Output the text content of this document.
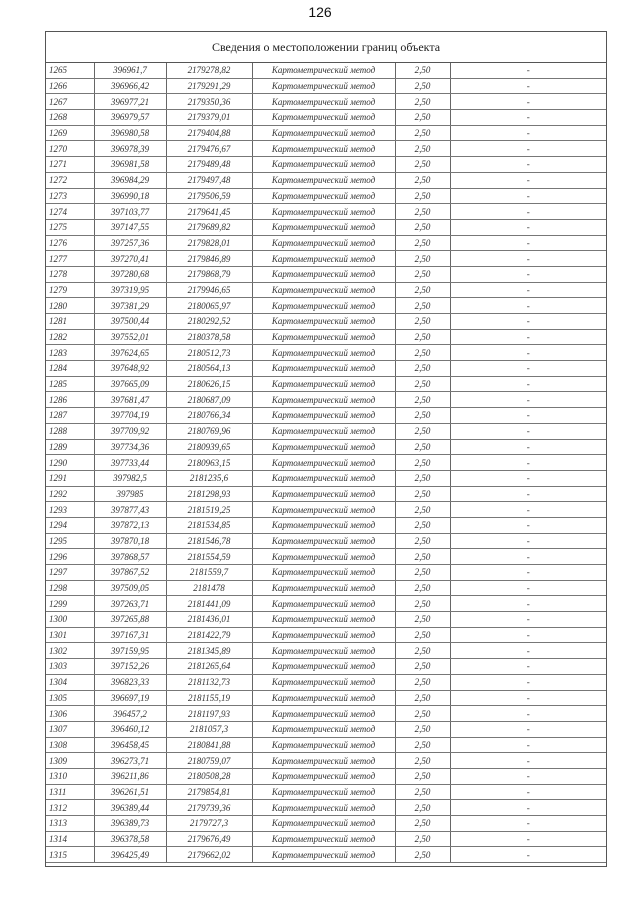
126
Сведения о местоположении границ объекта
1265	396961,7	2179278,82	Картометрический метод	2,50	-
1266	396966,42	2179291,29	Картометрический метод	2,50	-
1267	396977,21	2179350,36	Картометрический метод	2,50	-
1268	396979,57	2179379,01	Картометрический метод	2,50	-
1269	396980,58	2179404,88	Картометрический метод	2,50	-
1270	396978,39	2179476,67	Картометрический метод	2,50	-
1271	396981,58	2179489,48	Картометрический метод	2,50	-
1272	396984,29	2179497,48	Картометрический метод	2,50	-
1273	396990,18	2179506,59	Картометрический метод	2,50	-
1274	397103,77	2179641,45	Картометрический метод	2,50	-
1275	397147,55	2179689,82	Картометрический метод	2,50	-
1276	397257,36	2179828,01	Картометрический метод	2,50	-
1277	397270,41	2179846,89	Картометрический метод	2,50	-
1278	397280,68	2179868,79	Картометрический метод	2,50	-
1279	397319,95	2179946,65	Картометрический метод	2,50	-
1280	397381,29	2180065,97	Картометрический метод	2,50	-
1281	397500,44	2180292,52	Картометрический метод	2,50	-
1282	397552,01	2180378,58	Картометрический метод	2,50	-
1283	397624,65	2180512,73	Картометрический метод	2,50	-
1284	397648,92	2180564,13	Картометрический метод	2,50	-
1285	397665,09	2180626,15	Картометрический метод	2,50	-
1286	397681,47	2180687,09	Картометрический метод	2,50	-
1287	397704,19	2180766,34	Картометрический метод	2,50	-
1288	397709,92	2180769,96	Картометрический метод	2,50	-
1289	397734,36	2180939,65	Картометрический метод	2,50	-
1290	397733,44	2180963,15	Картометрический метод	2,50	-
1291	397982,5	2181235,6	Картометрический метод	2,50	-
1292	397985	2181298,93	Картометрический метод	2,50	-
1293	397877,43	2181519,25	Картометрический метод	2,50	-
1294	397872,13	2181534,85	Картометрический метод	2,50	-
1295	397870,18	2181546,78	Картометрический метод	2,50	-
1296	397868,57	2181554,59	Картометрический метод	2,50	-
1297	397867,52	2181559,7	Картометрический метод	2,50	-
1298	397509,05	2181478	Картометрический метод	2,50	-
1299	397263,71	2181441,09	Картометрический метод	2,50	-
1300	397265,88	2181436,01	Картометрический метод	2,50	-
1301	397167,31	2181422,79	Картометрический метод	2,50	-
1302	397159,95	2181345,89	Картометрический метод	2,50	-
1303	397152,26	2181265,64	Картометрический метод	2,50	-
1304	396823,33	2181132,73	Картометрический метод	2,50	-
1305	396697,19	2181155,19	Картометрический метод	2,50	-
1306	396457,2	2181197,93	Картометрический метод	2,50	-
1307	396460,12	2181057,3	Картометрический метод	2,50	-
1308	396458,45	2180841,88	Картометрический метод	2,50	-
1309	396273,71	2180759,07	Картометрический метод	2,50	-
1310	396211,86	2180508,28	Картометрический метод	2,50	-
1311	396261,51	2179854,81	Картометрический метод	2,50	-
1312	396389,44	2179739,36	Картометрический метод	2,50	-
1313	396389,73	2179727,3	Картометрический метод	2,50	-
1314	396378,58	2179676,49	Картометрический метод	2,50	-
1315	396425,49	2179662,02	Картометрический метод	2,50	-
